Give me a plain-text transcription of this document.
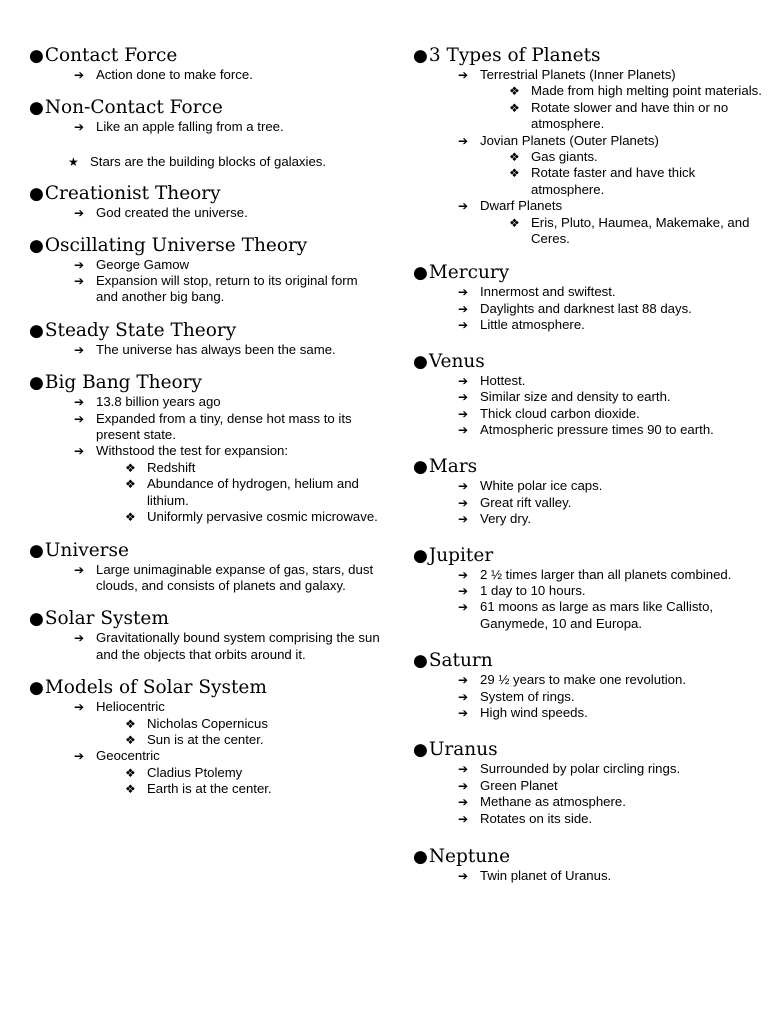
●Contact Force
➔ Action done to make force.
●Non-Contact Force
➔ Like an apple falling from a tree.
★ Stars are the building blocks of galaxies.
●Creationist Theory
➔ God created the universe.
●Oscillating Universe Theory
➔ George Gamow
➔ Expansion will stop, return to its original form and another big bang.
●Steady State Theory
➔ The universe has always been the same.
●Big Bang Theory
➔ 13.8 billion years ago
➔ Expanded from a tiny, dense hot mass to its present state.
➔ Withstood the test for expansion:
❖ Redshift
❖ Abundance of hydrogen, helium and lithium.
❖ Uniformly pervasive cosmic microwave.
●Universe
➔ Large unimaginable expanse of gas, stars, dust clouds, and consists of planets and galaxy.
●Solar System
➔ Gravitationally bound system comprising the sun and the objects that orbits around it.
●Models of Solar System
➔ Heliocentric
❖ Nicholas Copernicus
❖ Sun is at the center.
➔ Geocentric
❖ Cladius Ptolemy
❖ Earth is at the center.
●3 Types of Planets
➔ Terrestrial Planets (Inner Planets)
❖ Made from high melting point materials.
❖ Rotate slower and have thin or no atmosphere.
➔ Jovian Planets (Outer Planets)
❖ Gas giants.
❖ Rotate faster and have thick atmosphere.
➔ Dwarf Planets
❖ Eris, Pluto, Haumea, Makemake, and Ceres.
●Mercury
➔ Innermost and swiftest.
➔ Daylights and darknest last 88 days.
➔ Little atmosphere.
●Venus
➔ Hottest.
➔ Similar size and density to earth.
➔ Thick cloud carbon dioxide.
➔ Atmospheric pressure times 90 to earth.
●Mars
➔ White polar ice caps.
➔ Great rift valley.
➔ Very dry.
●Jupiter
➔ 2 ½ times larger than all planets combined.
➔ 1 day to 10 hours.
➔ 61 moons as large as mars like Callisto, Ganymede, 10 and Europa.
●Saturn
➔ 29 ½ years to make one revolution.
➔ System of rings.
➔ High wind speeds.
●Uranus
➔ Surrounded by polar circling rings.
➔ Green Planet
➔ Methane as atmosphere.
➔ Rotates on its side.
●Neptune
➔ Twin planet of Uranus.
